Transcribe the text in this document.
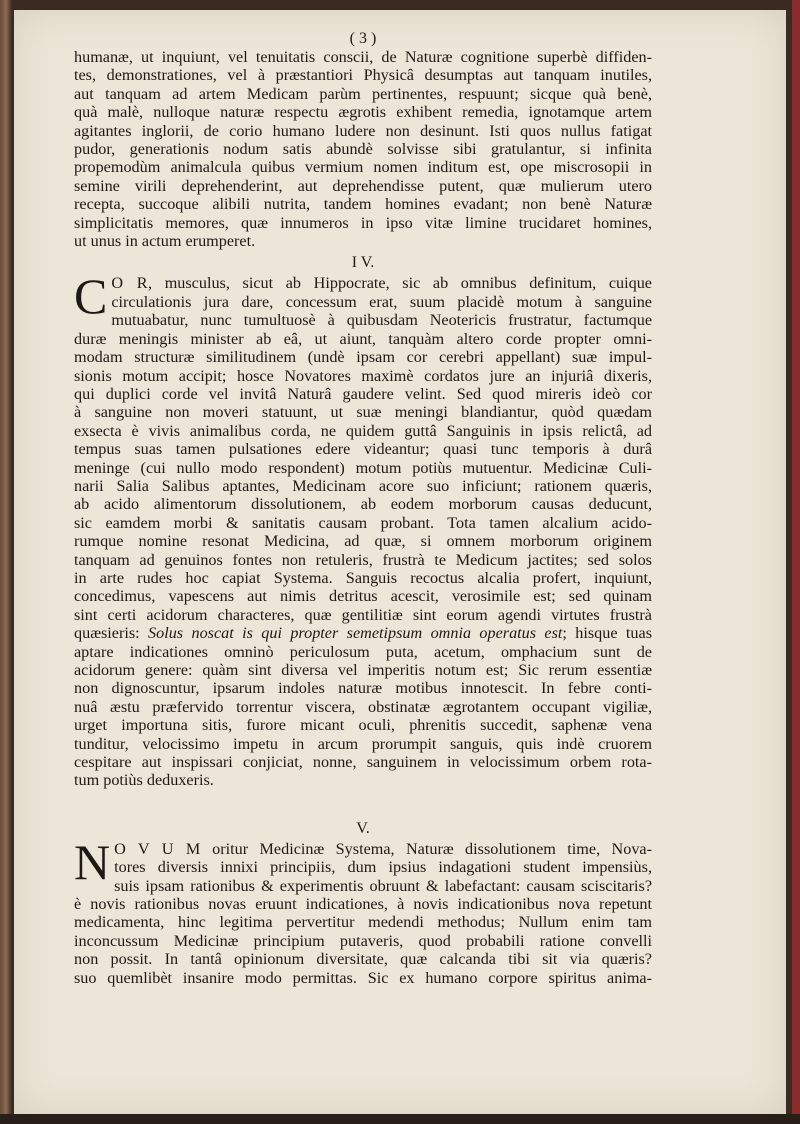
( 3 )
humanæ, ut inquiunt, vel tenuitatis conscii, de Naturæ cognitione superbè diffiden-
tes, demonstrationes, vel à præstantiori Physicâ desumptas aut tanquam inutiles,
aut tanquam ad artem Medicam parùm pertinentes, respuunt; sicque quà benè,
quà malè, nulloque naturæ respectu ægrotis exhibent remedia, ignotamque artem
agitantes inglorii, de corio humano ludere non desinunt. Isti quos nullus fatigat
pudor, generationis nodum satis abundè solvisse sibi gratulantur, si infinita
propemodùm animalcula quibus vermium nomen inditum est, ope miscrosopii in
semine virili deprehenderint, aut deprehendisse putent, quæ mulierum utero
recepta, succoque alibili nutrita, tandem homines evadant; non benè Naturæ
simplicitatis memores, quæ innumeros in ipso vitæ limine trucidaret homines,
ut unus in actum erumperet.
I V.
C O R, musculus, sicut ab Hippocrate, sic ab omnibus definitum, cuique
circulationis jura dare, concessum erat, suum placidè motum à sanguine
mutuabatur, nunc tumultuosè à quibusdam Neotericis frustratur, factumque
duræ meningis minister ab eâ, ut aiunt, tanquàm altero corde propter omni-
modam structuræ similitudinem (undè ipsam cor cerebri appellant) suæ impul-
sionis motum accipit; hosce Novatores maximè cordatos jure an injuriâ dixeris,
qui duplici corde vel invitâ Naturâ gaudere velint. Sed quod mireris ideò cor
à sanguine non moveri statuunt, ut suæ meningi blandiantur, quòd quædam
exsecta è vivis animalibus corda, ne quidem guttâ Sanguinis in ipsis relictâ, ad
tempus suas tamen pulsationes edere videantur; quasi tunc temporis à durâ
meninge (cui nullo modo respondent) motum potiùs mutuentur. Medicinæ Culi-
narii Salia Salibus aptantes, Medicinam acore suo inficiunt; rationem quæris,
ab acido alimentorum dissolutionem, ab eodem morborum causas deducunt,
sic eamdem morbi & sanitatis causam probant. Tota tamen alcalium acido-
rumque nomine resonat Medicina, ad quæ, si omnem morborum originem
tanquam ad genuinos fontes non retuleris, frustrà te Medicum jactites; sed solos
in arte rudes hoc capiat Systema. Sanguis recoctus alcalia profert, inquiunt,
concedimus, vapescens aut nimis detritus acescit, verosimile est; sed quinam
sint certi acidorum characteres, quæ gentilitiæ sint eorum agendi virtutes frustrà
quæsieris: Solus noscat is qui propter semetipsum omnia operatus est; hisque tuas
aptare indicationes omninò periculosum puta, acetum, omphacium sunt de
acidorum genere: quàm sint diversa vel imperitis notum est; Sic rerum essentiæ
non dignoscuntur, ipsarum indoles naturæ motibus innotescit. In febre conti-
nuâ æstu præfervido torrentur viscera, obstinatæ ægrotantem occupant vigiliæ,
urget importuna sitis, furore micant oculi, phrenitis succedit, saphenæ vena
tunditur, velocissimo impetu in arcum prorumpit sanguis, quis indè cruorem
cespitare aut inspissari conjiciat, nonne, sanguinem in velocissimum orbem rota-
tum potiùs deduxeris.
V.
N O V U M oritur Medicinæ Systema, Naturæ dissolutionem time, Nova-
tores diversis innixi principiis, dum ipsius indagationi student impensiùs,
suis ipsam rationibus & experimentis obruunt & labefactant: causam sciscitaris?
è novis rationibus novas eruunt indicationes, à novis indicationibus nova repetunt
medicamenta, hinc legitima pervertitur medendi methodus; Nullum enim tam
inconcussum Medicinæ principium putaveris, quod probabili ratione convelli
non possit. In tantâ opinionum diversitate, quæ calcanda tibi sit via quæris?
suo quemlibèt insanire modo permittas. Sic ex humano corpore spiritus anima-
